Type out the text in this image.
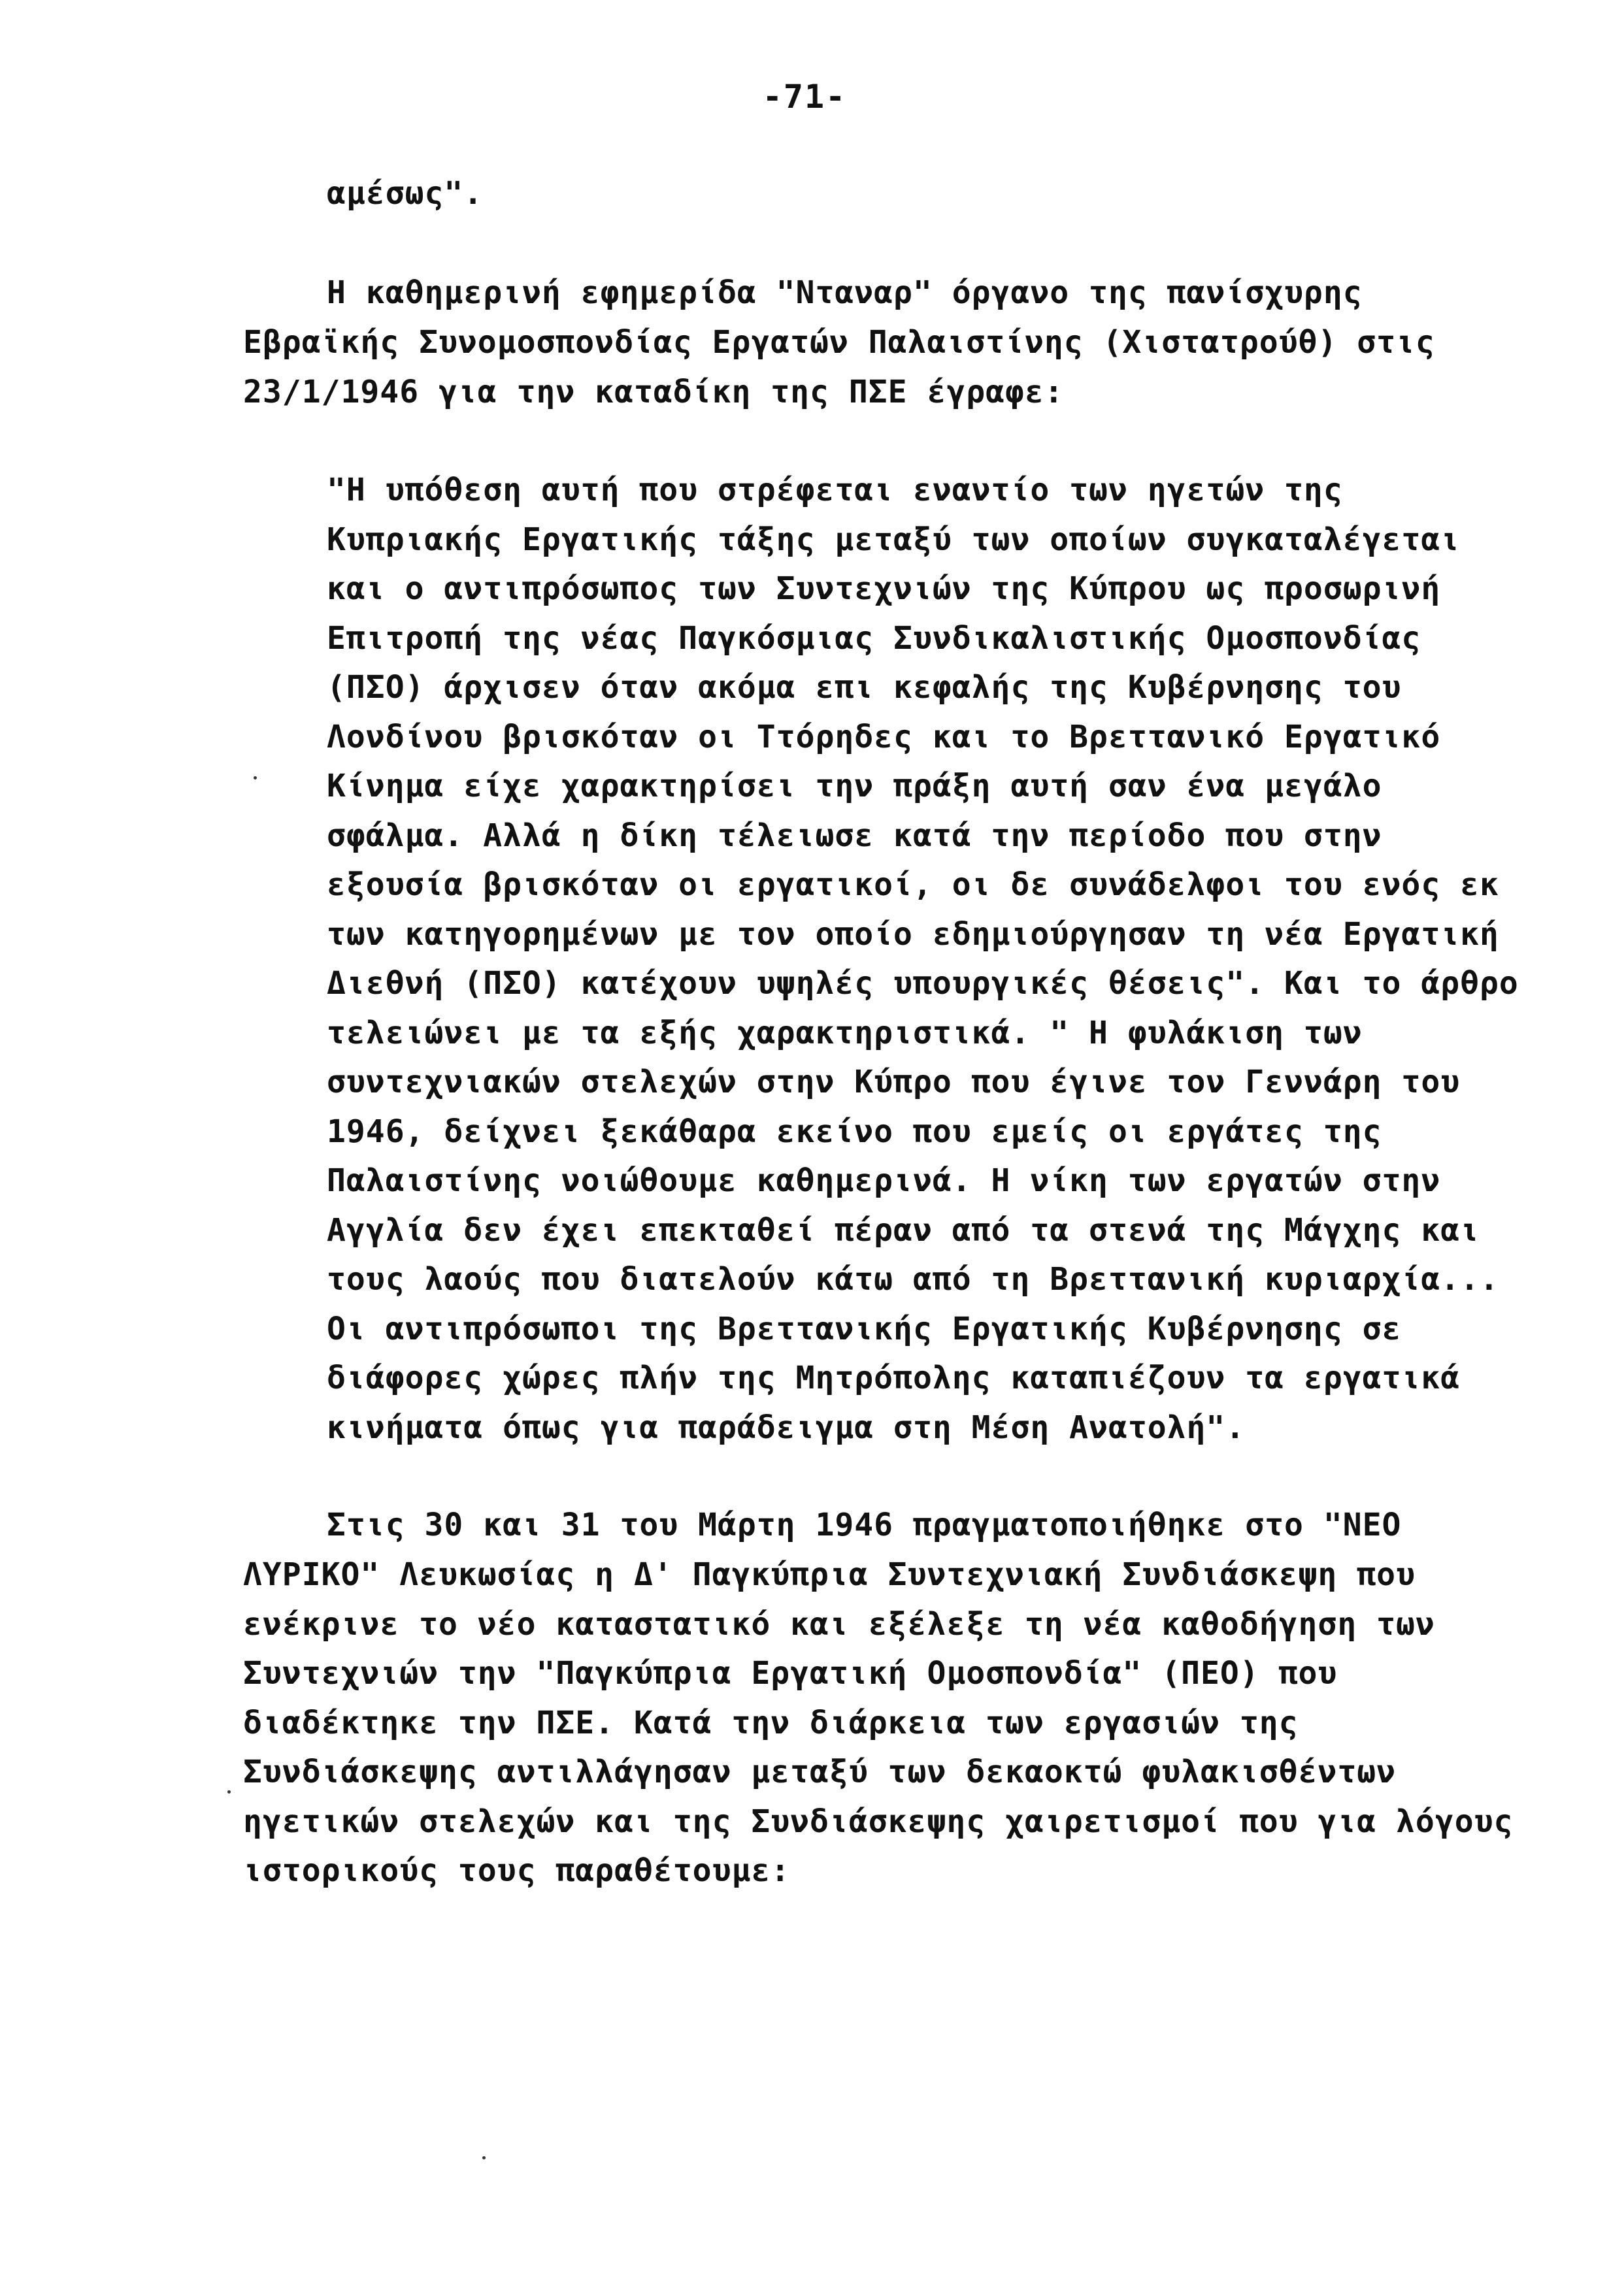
-71-
αμέσως".
Η καθημερινή εφημερίδα "Νταναρ" όργανο της πανίσχυρης
Εβραϊκής Συνομοσπονδίας Εργατών Παλαιστίνης (Χιστατρούθ) στις
23/1/1946 για την καταδίκη της ΠΣΕ έγραφε:
"Η υπόθεση αυτή που στρέφεται εναντίο των ηγετών της
Κυπριακής Εργατικής τάξης μεταξύ των οποίων συγκαταλέγεται
και ο αντιπρόσωπος των Συντεχνιών της Κύπρου ως προσωρινή
Επιτροπή της νέας Παγκόσμιας Συνδικαλιστικής Ομοσπονδίας
(ΠΣΟ) άρχισεν όταν ακόμα επι κεφαλής της Κυβέρνησης του
Λονδίνου βρισκόταν οι Ττόρηδες και το Βρεττανικό Εργατικό
Κίνημα είχε χαρακτηρίσει την πράξη αυτή σαν ένα μεγάλο
σφάλμα. Αλλά η δίκη τέλειωσε κατά την περίοδο που στην
εξουσία βρισκόταν οι εργατικοί, οι δε συνάδελφοι του ενός εκ
των κατηγορημένων με τον οποίο εδημιούργησαν τη νέα Εργατική
Διεθνή (ΠΣΟ) κατέχουν υψηλές υπουργικές θέσεις". Και το άρθρο
τελειώνει με τα εξής χαρακτηριστικά. " Η φυλάκιση των
συντεχνιακών στελεχών στην Κύπρο που έγινε τον Γεννάρη του
1946, δείχνει ξεκάθαρα εκείνο που εμείς οι εργάτες της
Παλαιστίνης νοιώθουμε καθημερινά. Η νίκη των εργατών στην
Αγγλία δεν έχει επεκταθεί πέραν από τα στενά της Μάγχης και
τους λαούς που διατελούν κάτω από τη Βρεττανική κυριαρχία...
Οι αντιπρόσωποι της Βρεττανικής Εργατικής Κυβέρνησης σε
διάφορες χώρες πλήν της Μητρόπολης καταπιέζουν τα εργατικά
κινήματα όπως για παράδειγμα στη Μέση Ανατολή".
Στις 30 και 31 του Μάρτη 1946 πραγματοποιήθηκε στο "ΝΕΟ
ΛΥΡΙΚΟ" Λευκωσίας η Δ' Παγκύπρια Συντεχνιακή Συνδιάσκεψη που
ενέκρινε το νέο καταστατικό και εξέλεξε τη νέα καθοδήγηση των
Συντεχνιών την "Παγκύπρια Εργατική Ομοσπονδία" (ΠΕΟ) που
διαδέκτηκε την ΠΣΕ. Κατά την διάρκεια των εργασιών της
Συνδιάσκεψης αντιλλάγησαν μεταξύ των δεκαοκτώ φυλακισθέντων
ηγετικών στελεχών και της Συνδιάσκεψης χαιρετισμοί που για λόγους
ιστορικούς τους παραθέτουμε:
